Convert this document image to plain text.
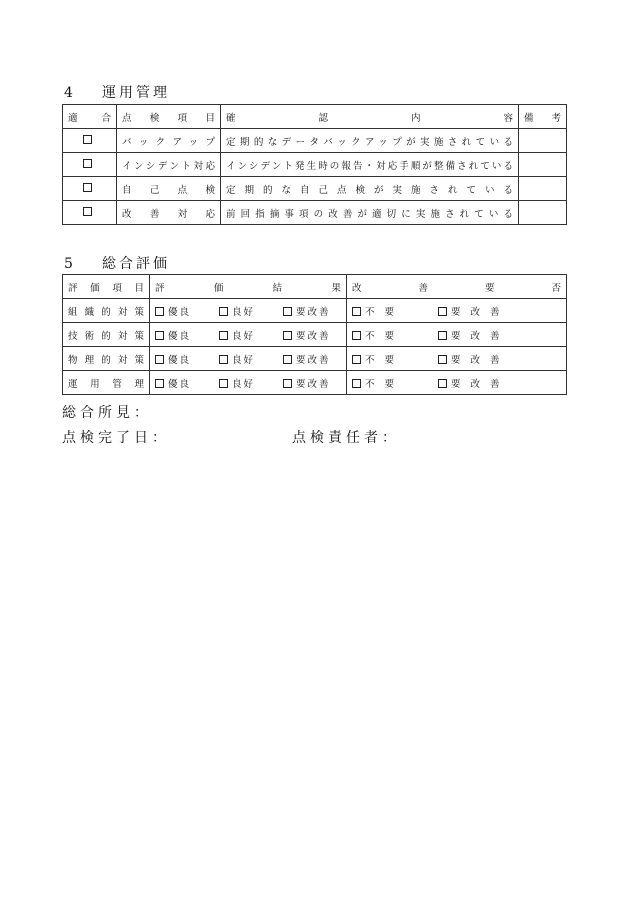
4 運用管理
適合	点検項目	確認内容	備考
	バックアップ	定期的なデータバックアップが実施されている	
	インシデント対応	インシデント発生時の報告・対応手順が整備されている	
	自己点検	定期的な自己点検が実施されている	
	改善対応	前回指摘事項の改善が適切に実施されている	
5 総合評価
評価項目	評価結果	改善要否
組織的対策	優良 良好 要改善	不要 要改善
技術的対策	優良 良好 要改善	不要 要改善
物理的対策	優良 良好 要改善	不要 要改善
運用管理	優良 良好 要改善	不要 要改善
総合所見：
点検完了日：	点検責任者：
